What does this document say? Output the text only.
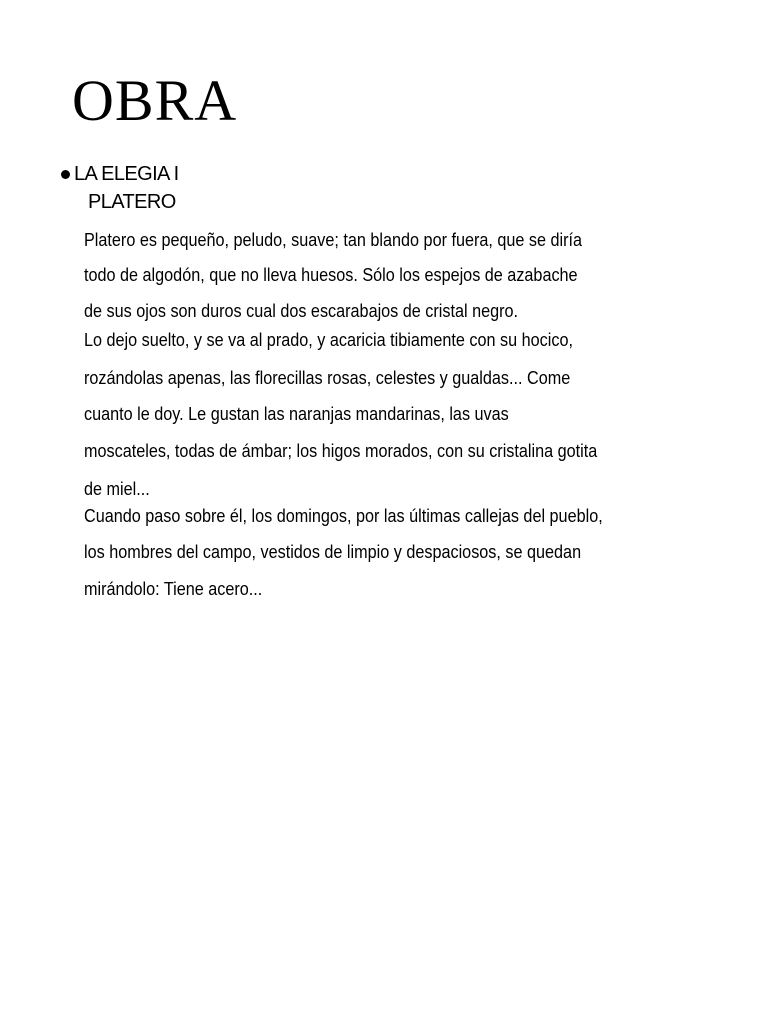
OBRA
LA ELEGIA I
PLATERO

Platero es pequeño, peludo, suave; tan blando por fuera, que se diría

todo de algodón, que no lleva huesos. Sólo los espejos de azabache

de sus ojos son duros cual dos escarabajos de cristal negro.

Lo dejo suelto, y se va al prado, y acaricia tibiamente con su hocico,

rozándolas apenas, las florecillas rosas, celestes y gualdas... Come

cuanto le doy. Le gustan las naranjas mandarinas, las uvas

moscateles, todas de ámbar; los higos morados, con su cristalina gotita

de miel...

Cuando paso sobre él, los domingos, por las últimas callejas del pueblo,

los hombres del campo, vestidos de limpio y despaciosos, se quedan

mirándolo: Tiene acero...
